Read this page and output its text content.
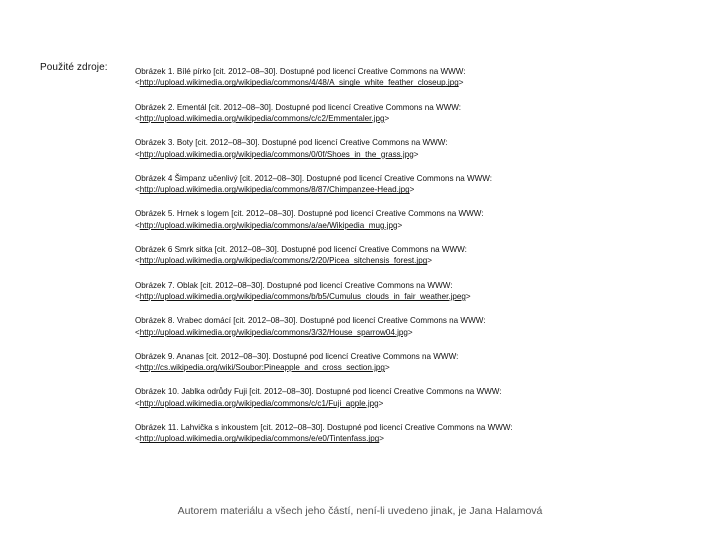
Použité zdroje:	Obrázek 1. Bílé pírko [cit. 2012–08–30]. Dostupné pod licencí Creative Commons na WWW:
<http://upload.wikimedia.org/wikipedia/commons/4/48/A_single_white_feather_closeup.jpg>
Obrázek 2. Ementál [cit. 2012–08–30]. Dostupné pod licencí Creative Commons na WWW:
<http://upload.wikimedia.org/wikipedia/commons/c/c2/Emmentaler.jpg>
Obrázek 3. Boty [cit. 2012–08–30]. Dostupné pod licencí Creative Commons na WWW:
<http://upload.wikimedia.org/wikipedia/commons/0/0f/Shoes_in_the_grass.jpg>
Obrázek 4 Šimpanz učenlivý [cit. 2012–08–30]. Dostupné pod licencí Creative Commons na WWW:
<http://upload.wikimedia.org/wikipedia/commons/8/87/Chimpanzee-Head.jpg>
Obrázek 5. Hrnek s logem [cit. 2012–08–30]. Dostupné pod licencí Creative Commons na WWW:
<http://upload.wikimedia.org/wikipedia/commons/a/ae/Wikipedia_mug.jpg>
Obrázek 6 Smrk sitka [cit. 2012–08–30]. Dostupné pod licencí Creative Commons na WWW:
<http://upload.wikimedia.org/wikipedia/commons/2/20/Picea_sitchensis_forest.jpg>
Obrázek 7. Oblak [cit. 2012–08–30]. Dostupné pod licencí Creative Commons na WWW:
<http://upload.wikimedia.org/wikipedia/commons/b/b5/Cumulus_clouds_in_fair_weather.jpeg>
Obrázek 8. Vrabec domácí [cit. 2012–08–30]. Dostupné pod licencí Creative Commons na WWW:
<http://upload.wikimedia.org/wikipedia/commons/3/32/House_sparrow04.jpg>
Obrázek 9. Ananas [cit. 2012–08–30]. Dostupné pod licencí Creative Commons na WWW:
<http://cs.wikipedia.org/wiki/Soubor:Pineapple_and_cross_section.jpg>
Obrázek 10. Jablka odrůdy Fuji [cit. 2012–08–30]. Dostupné pod licencí Creative Commons na WWW:
<http://upload.wikimedia.org/wikipedia/commons/c/c1/Fuji_apple.jpg>
Obrázek 11. Lahvička s inkoustem [cit. 2012–08–30]. Dostupné pod licencí Creative Commons na WWW:
<http://upload.wikimedia.org/wikipedia/commons/e/e0/Tintenfass.jpg>
Autorem materiálu a všech jeho částí, není-li uvedeno jinak, je Jana Halamová
